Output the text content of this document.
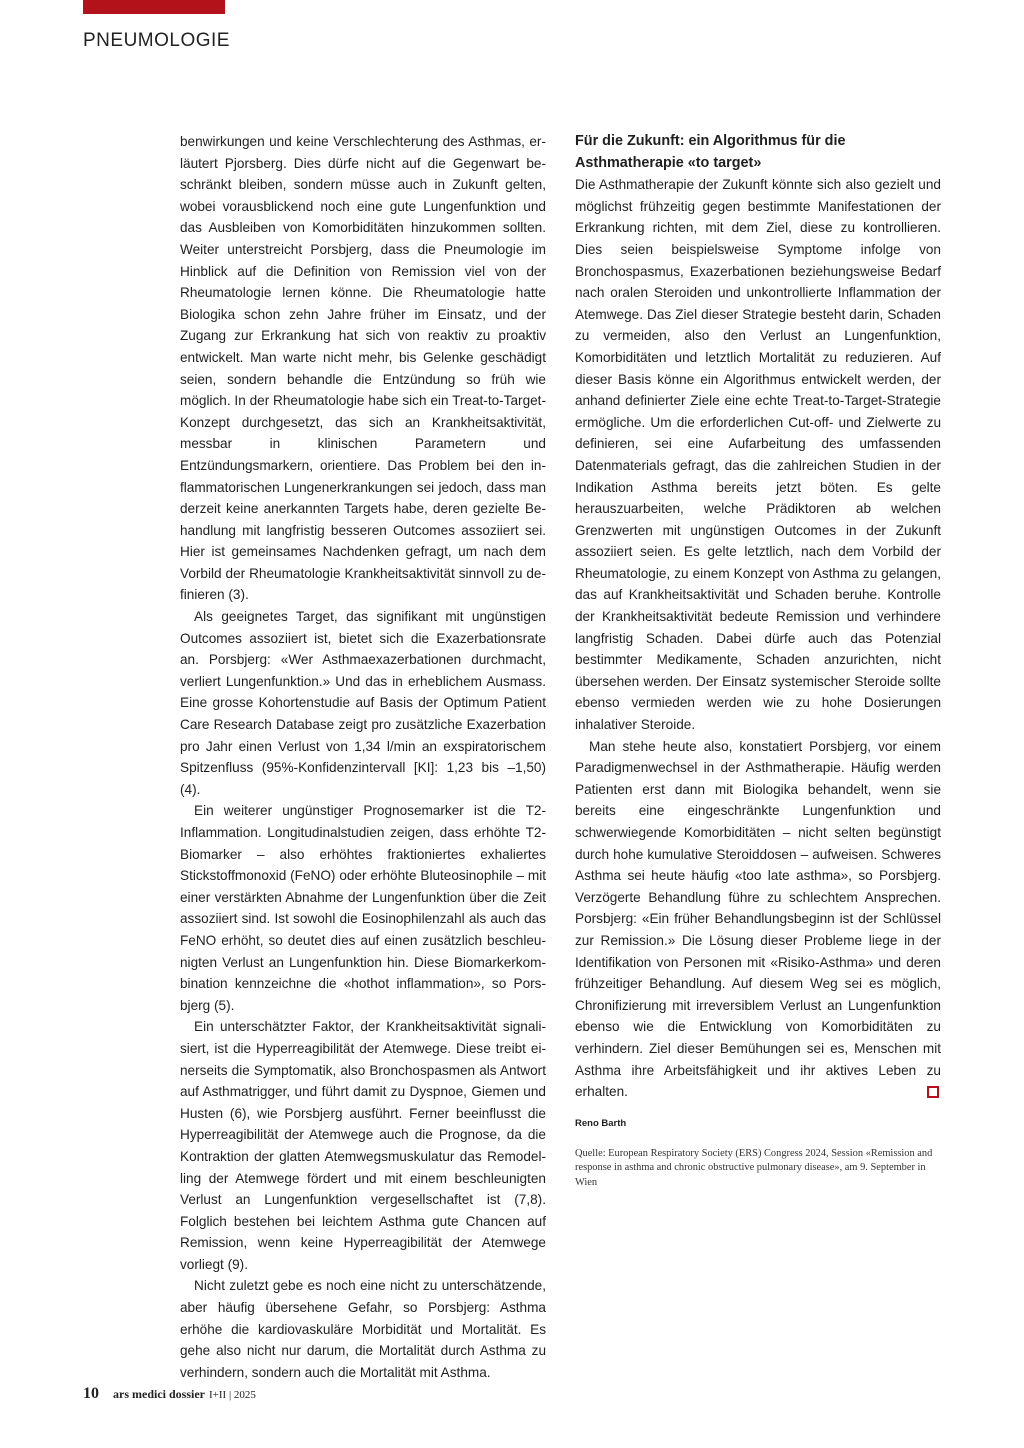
PNEUMOLOGIE

benwirkungen und keine Verschlechterung des Asthmas, erläutert Pjorsberg. Dies dürfe nicht auf die Gegenwart beschränkt bleiben, sondern müsse auch in Zukunft gelten, wobei vorausblickend noch eine gute Lungenfunktion und das Ausbleiben von Komorbiditäten hinzukommen sollten. Weiter unterstreicht Porsbjerg, dass die Pneumologie im Hinblick auf die Definition von Remission viel von der Rheumatologie lernen könne. Die Rheumatologie hatte Biologika schon zehn Jahre früher im Einsatz, und der Zugang zur Erkrankung hat sich von reaktiv zu proaktiv entwickelt. Man warte nicht mehr, bis Gelenke geschädigt seien, sondern behandle die Entzündung so früh wie möglich. In der Rheumatologie habe sich ein Treat-to-Target-Konzept durchgesetzt, das sich an Krankheitsaktivität, messbar in klinischen Parametern und Entzündungsmarkern, orientiere. Das Problem bei den inflammatorischen Lungenerkrankungen sei jedoch, dass man derzeit keine anerkannten Targets habe, deren gezielte Behandlung mit langfristig besseren Outcomes assoziiert sei. Hier ist gemeinsames Nachdenken gefragt, um nach dem Vorbild der Rheumatologie Krankheitsaktivität sinnvoll zu definieren (3).

Als geeignetes Target, das signifikant mit ungünstigen Outcomes assoziiert ist, bietet sich die Exazerbationsrate an. Porsbjerg: «Wer Asthmaexazerbationen durchmacht, verliert Lungenfunktion.» Und das in erheblichem Ausmass. Eine grosse Kohortenstudie auf Basis der Optimum Patient Care Research Database zeigt pro zusätzliche Exazerbation pro Jahr einen Verlust von 1,34 l/min an exspiratorischem Spitzenfluss (95%-Konfidenzintervall [KI]: 1,23 bis –1,50) (4).

Ein weiterer ungünstiger Prognosemarker ist die T2-Inflammation. Longitudinalstudien zeigen, dass erhöhte T2-Biomarker – also erhöhtes fraktioniertes exhaliertes Stickstoffmonoxid (FeNO) oder erhöhte Bluteosinophile – mit einer verstärkten Abnahme der Lungenfunktion über die Zeit assoziiert sind. Ist sowohl die Eosinophilenzahl als auch das FeNO erhöht, so deutet dies auf einen zusätzlich beschleunigten Verlust an Lungenfunktion hin. Diese Biomarkerkombination kennzeichne die «hothot inflammation», so Porsbjerg (5).

Ein unterschätzter Faktor, der Krankheitsaktivität signalisiert, ist die Hyperreagibilität der Atemwege. Diese treibt einerseits die Symptomatik, also Bronchospasmen als Antwort auf Asthmatrigger, und führt damit zu Dyspnoe, Giemen und Husten (6), wie Porsbjerg ausführt. Ferner beeinflusst die Hyperreagibilität der Atemwege auch die Prognose, da die Kontraktion der glatten Atemwegsmuskulatur das Remodelling der Atemwege fördert und mit einem beschleunigten Verlust an Lungenfunktion vergesellschaftet ist (7,8). Folglich bestehen bei leichtem Asthma gute Chancen auf Remission, wenn keine Hyperreagibilität der Atemwege vorliegt (9).

Nicht zuletzt gebe es noch eine nicht zu unterschätzende, aber häufig übersehene Gefahr, so Porsbjerg: Asthma erhöhe die kardiovaskuläre Morbidität und Mortalität. Es gehe also nicht nur darum, die Mortalität durch Asthma zu verhindern, sondern auch die Mortalität mit Asthma.

Für die Zukunft: ein Algorithmus für die Asthmatherapie «to target»

Die Asthmatherapie der Zukunft könnte sich also gezielt und möglichst frühzeitig gegen bestimmte Manifestationen der Erkrankung richten, mit dem Ziel, diese zu kontrollieren. Dies seien beispielsweise Symptome infolge von Bronchospasmus, Exazerbationen beziehungsweise Bedarf nach oralen Steroiden und unkontrollierte Inflammation der Atemwege. Das Ziel dieser Strategie besteht darin, Schaden zu vermeiden, also den Verlust an Lungenfunktion, Komorbiditäten und letztlich Mortalität zu reduzieren. Auf dieser Basis könne ein Algorithmus entwickelt werden, der anhand definierter Ziele eine echte Treat-to-Target-Strategie ermögliche. Um die erforderlichen Cut-off- und Zielwerte zu definieren, sei eine Aufarbeitung des umfassenden Datenmaterials gefragt, das die zahlreichen Studien in der Indikation Asthma bereits jetzt böten. Es gelte herauszuarbeiten, welche Prädiktoren ab welchen Grenzwerten mit ungünstigen Outcomes in der Zukunft assoziiert seien. Es gelte letztlich, nach dem Vorbild der Rheumatologie, zu einem Konzept von Asthma zu gelangen, das auf Krankheitsaktivität und Schaden beruhe. Kontrolle der Krankheitsaktivität bedeute Remission und verhindere langfristig Schaden. Dabei dürfe auch das Potenzial bestimmter Medikamente, Schaden anzurichten, nicht übersehen werden. Der Einsatz systemischer Steroide sollte ebenso vermieden werden wie zu hohe Dosierungen inhalativer Steroide.

Man stehe heute also, konstatiert Porsbjerg, vor einem Paradigmenwechsel in der Asthmatherapie. Häufig werden Patienten erst dann mit Biologika behandelt, wenn sie bereits eine eingeschränkte Lungenfunktion und schwerwiegende Komorbiditäten – nicht selten begünstigt durch hohe kumulative Steroiddosen – aufweisen. Schweres Asthma sei heute häufig «too late asthma», so Porsbjerg. Verzögerte Behandlung führe zu schlechtem Ansprechen. Porsbjerg: «Ein früher Behandlungsbeginn ist der Schlüssel zur Remission.» Die Lösung dieser Probleme liege in der Identifikation von Personen mit «Risiko-Asthma» und deren frühzeitiger Behandlung. Auf diesem Weg sei es möglich, Chronifizierung mit irreversiblem Verlust an Lungenfunktion ebenso wie die Entwicklung von Komorbiditäten zu verhindern. Ziel dieser Bemühungen sei es, Menschen mit Asthma ihre Arbeitsfähigkeit und ihr aktives Leben zu erhalten.

Reno Barth
Quelle: European Respiratory Society (ERS) Congress 2024, Session «Remission and response in asthma and chronic obstructive pulmonary disease», am 9. September in Wien
10 ars medici dossier I+II | 2025
